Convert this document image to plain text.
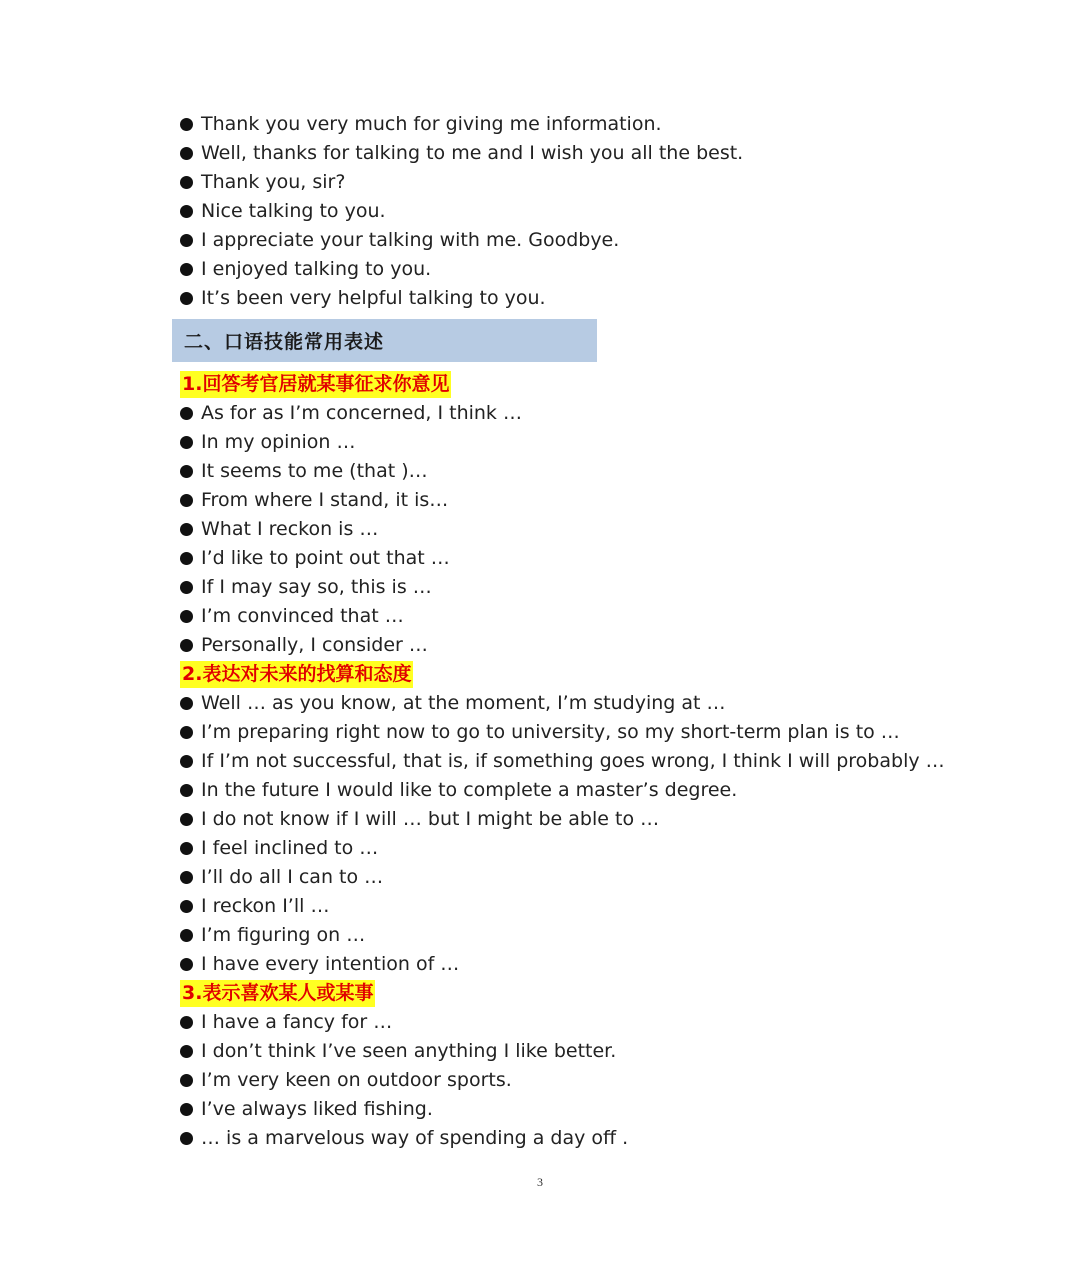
Thank you very much for giving me information.
Well, thanks for talking to me and I wish you all the best.
Thank you, sir?
Nice talking to you.
I appreciate your talking with me. Goodbye.
I enjoyed talking to you.
It’s been very helpful talking to you.
二、口语技能常用表述
1.回答考官居就某事征求你意见
As for as I’m concerned, I think …
In my opinion …
It seems to me (that )…
From where I stand, it is…
What I reckon is …
I’d like to point out that …
If I may say so, this is …
I’m convinced that …
Personally, I consider …
2.表达对未来的找算和态度
Well … as you know, at the moment, I’m studying at …
I’m preparing right now to go to university, so my short-term plan is to …
If I’m not successful, that is, if something goes wrong, I think I will probably …
In the future I would like to complete a master’s degree.
I do not know if I will … but I might be able to …
I feel inclined to …
I’ll do all I can to …
I reckon I’ll …
I’m figuring on …
I have every intention of …
3.表示喜欢某人或某事
I have a fancy for …
I don’t think I’ve seen anything I like better.
I’m very keen on outdoor sports.
I’ve always liked fishing.
… is a marvelous way of spending a day off .
3
